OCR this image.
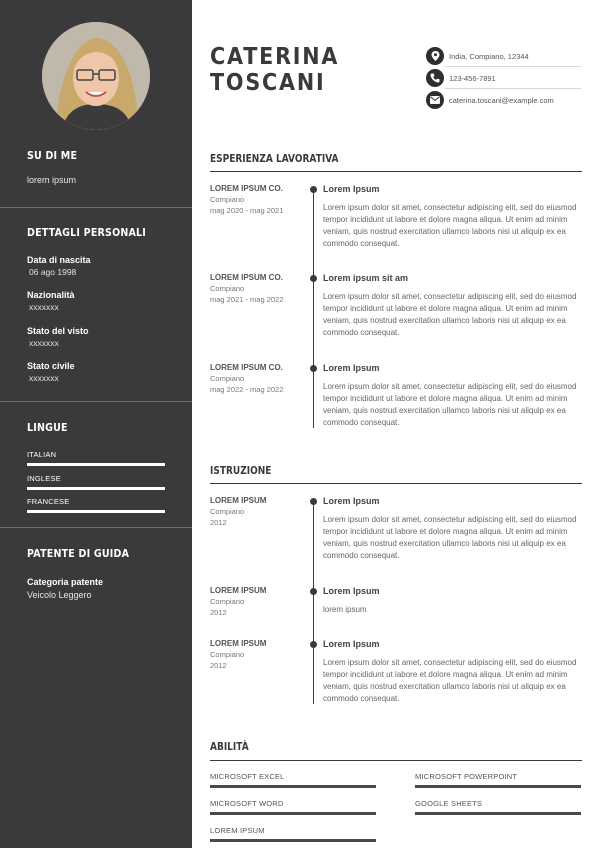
SU DI ME
lorem ipsum
DETTAGLI PERSONALI
Data di nascita
06 ago 1998
Nazionalità
xxxxxxx
Stato del visto
xxxxxxx
Stato civile
xxxxxxx
LINGUE
ITALIAN
INGLESE
FRANCESE
PATENTE DI GUIDA
Categoria patente
Veicolo Leggero
CATERINA
TOSCANI
India, Compiano, 12344
123-456-7891
caterina.toscani@example.com
ESPERIENZA LAVORATIVA
LOREM IPSUM CO.
Compiano
mag 2020 - mag 2021
Lorem Ipsum
Lorem ipsum dolor sit amet, consectetur adipiscing elit, sed do eiusmod tempor incididunt ut labore et dolore magna aliqua. Ut enim ad minim veniam, quis nostrud exercitation ullamco laboris nisi ut aliquip ex ea commodo consequat.
LOREM IPSUM CO.
Compiano
mag 2021 - mag 2022
Lorem ipsum sit am
Lorem ipsum dolor sit amet, consectetur adipiscing elit, sed do eiusmod tempor incididunt ut labore et dolore magna aliqua. Ut enim ad minim veniam, quis nostrud exercitation ullamco laboris nisi ut aliquip ex ea commodo consequat.
LOREM IPSUM CO.
Compiano
mag 2022 - mag 2022
Lorem Ipsum
Lorem ipsum dolor sit amet, consectetur adipiscing elit, sed do eiusmod tempor incididunt ut labore et dolore magna aliqua. Ut enim ad minim veniam, quis nostrud exercitation ullamco laboris nisi ut aliquip ex ea commodo consequat.
ISTRUZIONE
LOREM IPSUM
Compiano
2012
Lorem Ipsum
Lorem ipsum dolor sit amet, consectetur adipiscing elit, sed do eiusmod tempor incididunt ut labore et dolore magna aliqua. Ut enim ad minim veniam, quis nostrud exercitation ullamco laboris nisi ut aliquip ex ea commodo consequat.
LOREM IPSUM
Compiano
2012
Lorem Ipsum
lorem ipsum
LOREM IPSUM
Compiano
2012
Lorem Ipsum
Lorem ipsum dolor sit amet, consectetur adipiscing elit, sed do eiusmod tempor incididunt ut labore et dolore magna aliqua. Ut enim ad minim veniam, quis nostrud exercitation ullamco laboris nisi ut aliquip ex ea commodo consequat.
ABILITÀ
MICROSOFT EXCEL	MICROSOFT POWERPOINT
MICROSOFT WORD	GOOGLE SHEETS
LOREM IPSUM
